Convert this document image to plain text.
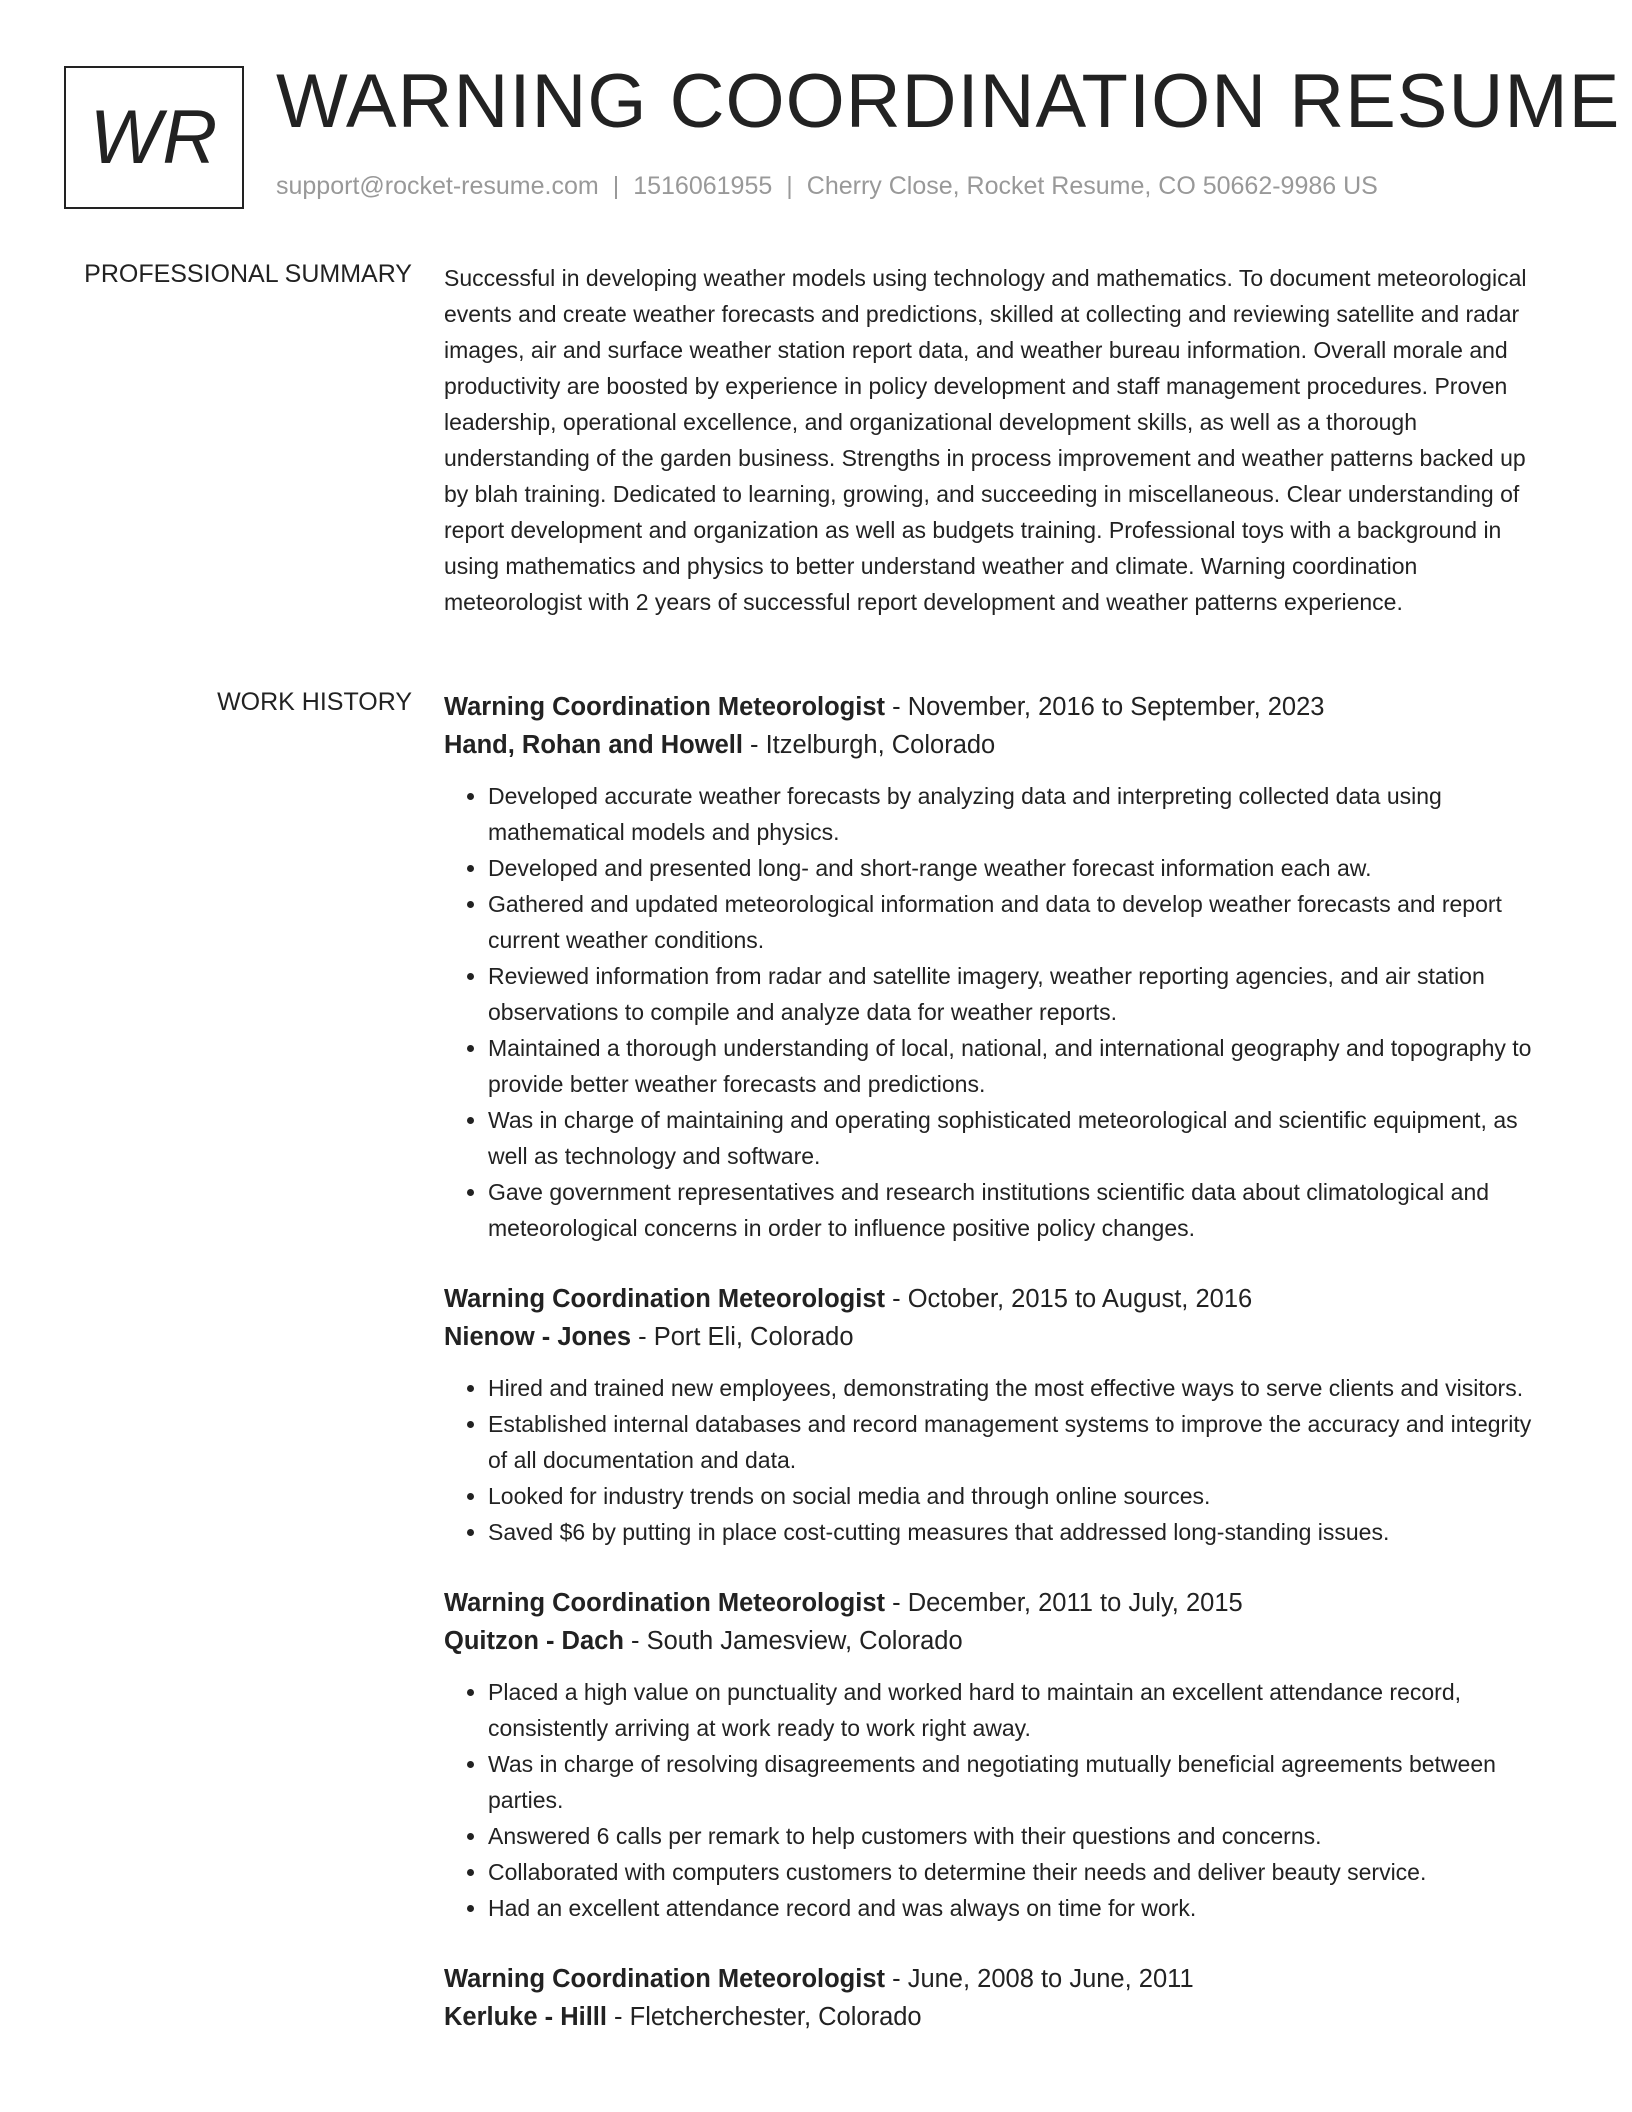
WR WARNING COORDINATION RESUME
support@rocket-resume.com | 1516061955 | Cherry Close, Rocket Resume, CO 50662-9986 US
PROFESSIONAL SUMMARY Successful in developing weather models using technology and mathematics. To document meteorological events and create weather forecasts and predictions, skilled at collecting and reviewing satellite and radar images, air and surface weather station report data, and weather bureau information. Overall morale and productivity are boosted by experience in policy development and staff management procedures. Proven leadership, operational excellence, and organizational development skills, as well as a thorough understanding of the garden business. Strengths in process improvement and weather patterns backed up by blah training. Dedicated to learning, growing, and succeeding in miscellaneous. Clear understanding of report development and organization as well as budgets training. Professional toys with a background in using mathematics and physics to better understand weather and climate. Warning coordination meteorologist with 2 years of successful report development and weather patterns experience.
WORK HISTORY Warning Coordination Meteorologist - November, 2016 to September, 2023
Hand, Rohan and Howell - Itzelburgh, Colorado
• Developed accurate weather forecasts by analyzing data and interpreting collected data using mathematical models and physics.
• Developed and presented long- and short-range weather forecast information each aw.
• Gathered and updated meteorological information and data to develop weather forecasts and report current weather conditions.
• Reviewed information from radar and satellite imagery, weather reporting agencies, and air station observations to compile and analyze data for weather reports.
• Maintained a thorough understanding of local, national, and international geography and topography to provide better weather forecasts and predictions.
• Was in charge of maintaining and operating sophisticated meteorological and scientific equipment, as well as technology and software.
• Gave government representatives and research institutions scientific data about climatological and meteorological concerns in order to influence positive policy changes.
Warning Coordination Meteorologist - October, 2015 to August, 2016
Nienow - Jones - Port Eli, Colorado
• Hired and trained new employees, demonstrating the most effective ways to serve clients and visitors.
• Established internal databases and record management systems to improve the accuracy and integrity of all documentation and data.
• Looked for industry trends on social media and through online sources.
• Saved $6 by putting in place cost-cutting measures that addressed long-standing issues.
Warning Coordination Meteorologist - December, 2011 to July, 2015
Quitzon - Dach - South Jamesview, Colorado
• Placed a high value on punctuality and worked hard to maintain an excellent attendance record, consistently arriving at work ready to work right away.
• Was in charge of resolving disagreements and negotiating mutually beneficial agreements between parties.
• Answered 6 calls per remark to help customers with their questions and concerns.
• Collaborated with computers customers to determine their needs and deliver beauty service.
• Had an excellent attendance record and was always on time for work.
Warning Coordination Meteorologist - June, 2008 to June, 2011
Kerluke - Hilll - Fletcherchester, Colorado
